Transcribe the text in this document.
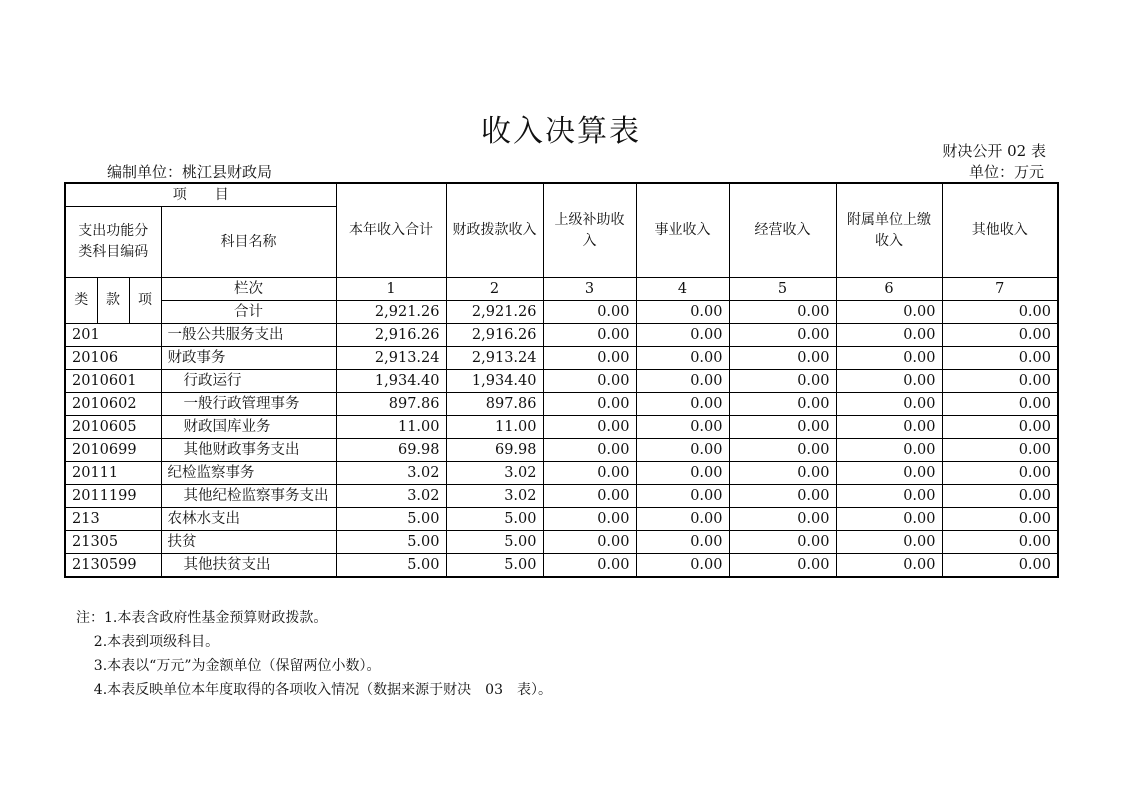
收入决算表
财决公开 02 表
编制单位：桃江县财政局	单位：万元
项　　目				本年收入合计	财政拨款收入	上级补助收入	事业收入	经营收入	附属单位上缴收入	其他收入
支出功能分类科目编码			科目名称							
类	款	项	栏次	1	2	3	4	5	6	7
			合计	2,921.26	2,921.26	0.00	0.00	0.00	0.00	0.00
201			一般公共服务支出	2,916.26	2,916.26	0.00	0.00	0.00	0.00	0.00
20106			财政事务	2,913.24	2,913.24	0.00	0.00	0.00	0.00	0.00
2010601			行政运行	1,934.40	1,934.40	0.00	0.00	0.00	0.00	0.00
2010602			一般行政管理事务	897.86	897.86	0.00	0.00	0.00	0.00	0.00
2010605			财政国库业务	11.00	11.00	0.00	0.00	0.00	0.00	0.00
2010699			其他财政事务支出	69.98	69.98	0.00	0.00	0.00	0.00	0.00
20111			纪检监察事务	3.02	3.02	0.00	0.00	0.00	0.00	0.00
2011199			其他纪检监察事务支出	3.02	3.02	0.00	0.00	0.00	0.00	0.00
213			农林水支出	5.00	5.00	0.00	0.00	0.00	0.00	0.00
21305			扶贫	5.00	5.00	0.00	0.00	0.00	0.00	0.00
2130599			其他扶贫支出	5.00	5.00	0.00	0.00	0.00	0.00	0.00
注：1.本表含政府性基金预算财政拨款。
2.本表到项级科目。
3.本表以“万元”为金额单位（保留两位小数）。
4.本表反映单位本年度取得的各项收入情况（数据来源于财决　03　表）。
